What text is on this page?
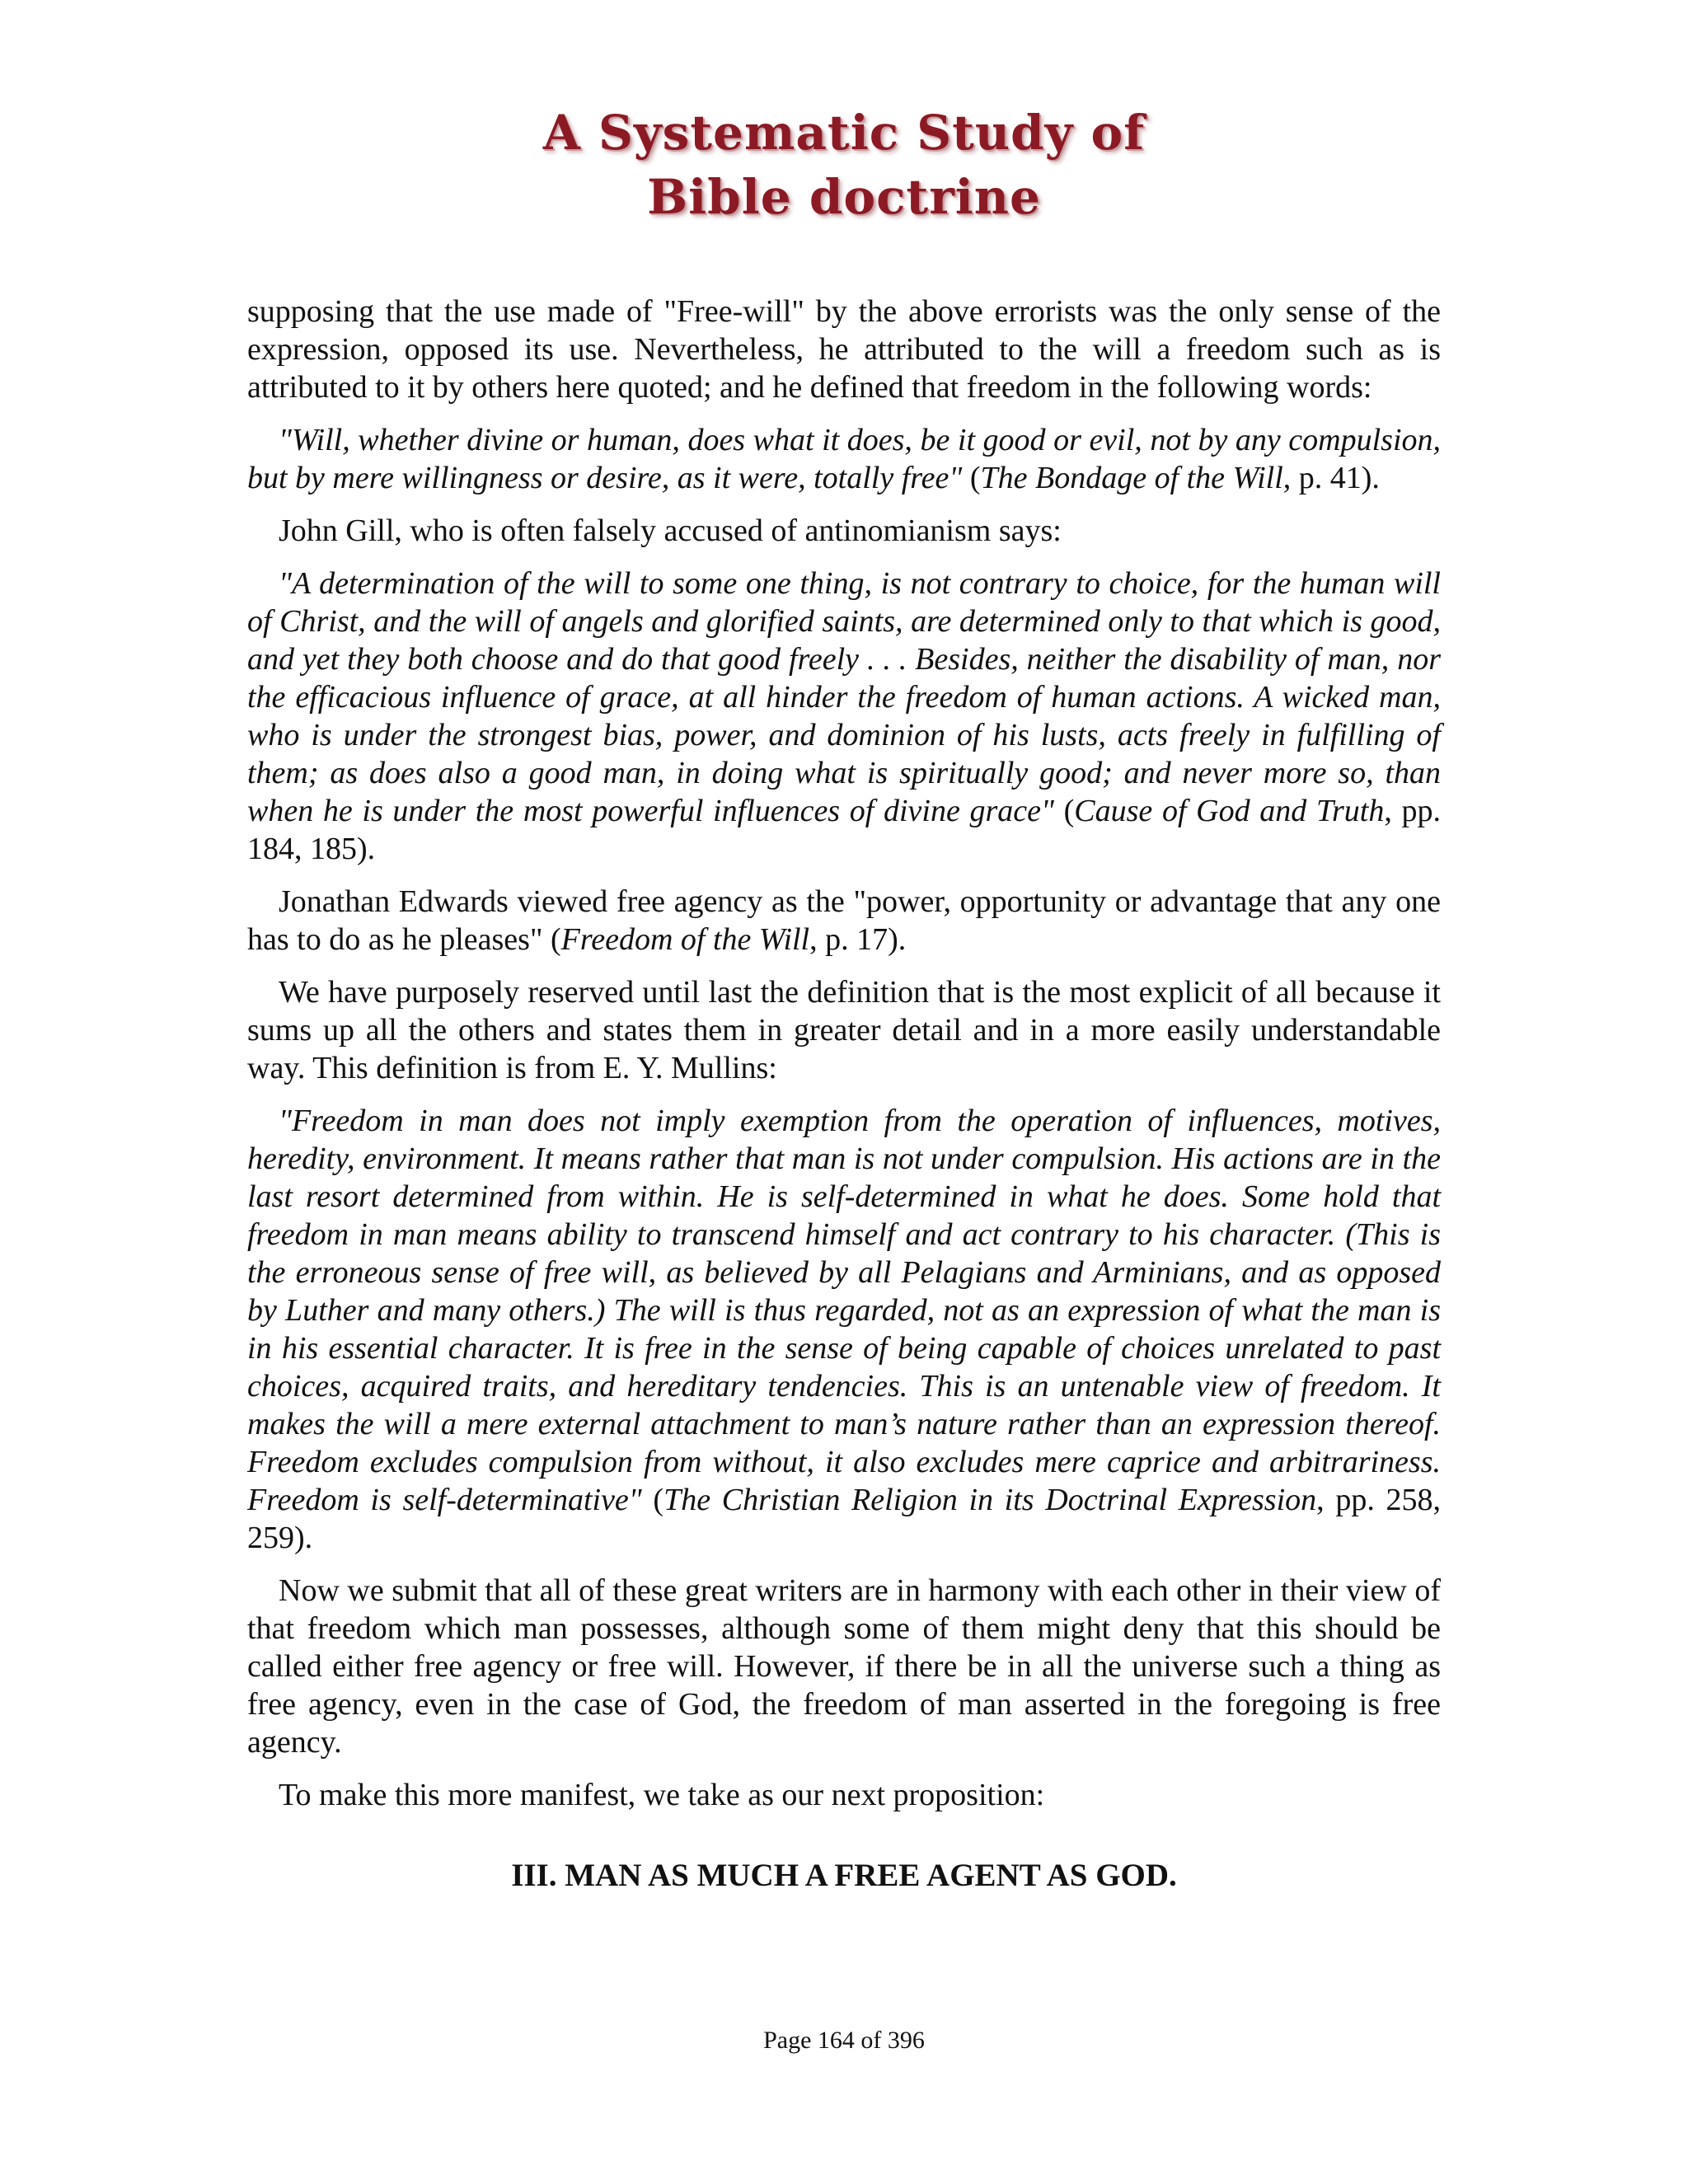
A Systematic Study of
Bible doctrine

supposing that the use made of "Free-will" by the above errorists was the only sense of the expression, opposed its use. Nevertheless, he attributed to the will a freedom such as is attributed to it by others here quoted; and he defined that freedom in the following words:

"Will, whether divine or human, does what it does, be it good or evil, not by any compulsion, but by mere willingness or desire, as it were, totally free" (The Bondage of the Will, p. 41).

John Gill, who is often falsely accused of antinomianism says:

"A determination of the will to some one thing, is not contrary to choice, for the human will of Christ, and the will of angels and glorified saints, are determined only to that which is good, and yet they both choose and do that good freely . . . Besides, neither the disability of man, nor the efficacious influence of grace, at all hinder the freedom of human actions. A wicked man, who is under the strongest bias, power, and dominion of his lusts, acts freely in fulfilling of them; as does also a good man, in doing what is spiritually good; and never more so, than when he is under the most powerful influences of divine grace" (Cause of God and Truth, pp. 184, 185).

Jonathan Edwards viewed free agency as the "power, opportunity or advantage that any one has to do as he pleases" (Freedom of the Will, p. 17).

We have purposely reserved until last the definition that is the most explicit of all because it sums up all the others and states them in greater detail and in a more easily understandable way. This definition is from E. Y. Mullins:

"Freedom in man does not imply exemption from the operation of influences, motives, heredity, environment. It means rather that man is not under compulsion. His actions are in the last resort determined from within. He is self-determined in what he does. Some hold that freedom in man means ability to transcend himself and act contrary to his character. (This is the erroneous sense of free will, as believed by all Pelagians and Arminians, and as opposed by Luther and many others.) The will is thus regarded, not as an expression of what the man is in his essential character. It is free in the sense of being capable of choices unrelated to past choices, acquired traits, and hereditary tendencies. This is an untenable view of freedom. It makes the will a mere external attachment to man’s nature rather than an expression thereof. Freedom excludes compulsion from without, it also excludes mere caprice and arbitrariness. Freedom is self-determinative" (The Christian Religion in its Doctrinal Expression, pp. 258, 259).

Now we submit that all of these great writers are in harmony with each other in their view of that freedom which man possesses, although some of them might deny that this should be called either free agency or free will. However, if there be in all the universe such a thing as free agency, even in the case of God, the freedom of man asserted in the foregoing is free agency.

To make this more manifest, we take as our next proposition:

III. MAN AS MUCH A FREE AGENT AS GOD.
Page 164 of 396
